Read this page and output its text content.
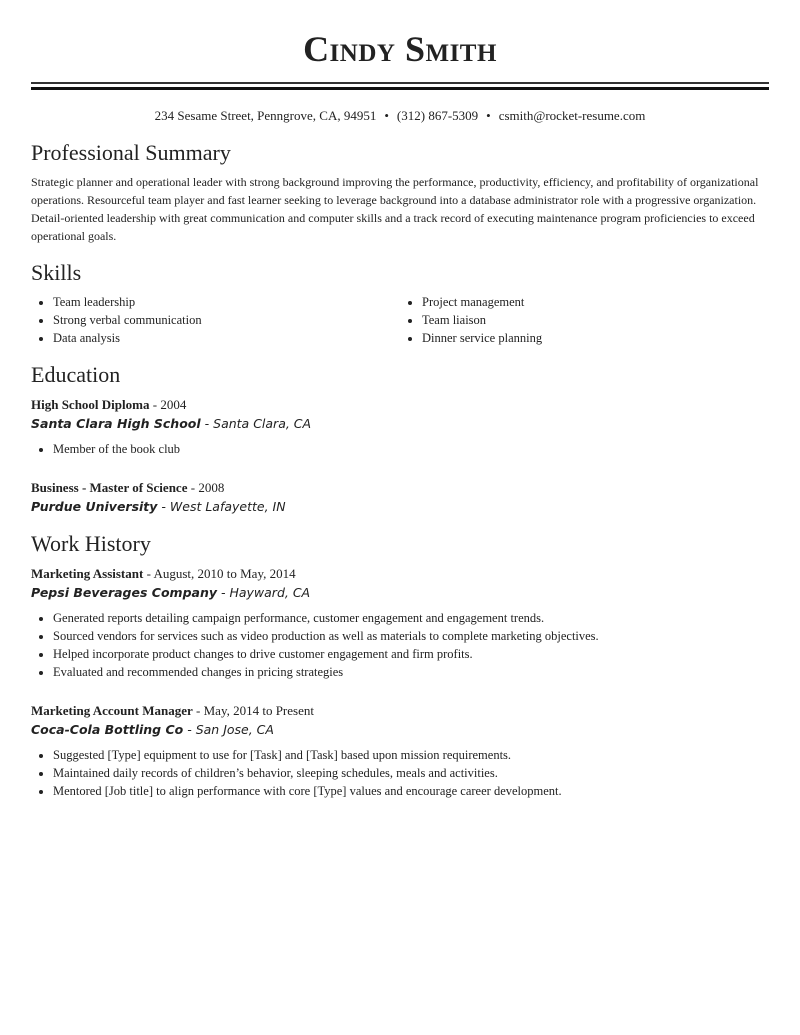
Cindy Smith
234 Sesame Street, Penngrove, CA, 94951 • (312) 867-5309 • csmith@rocket-resume.com
Professional Summary

Strategic planner and operational leader with strong background improving the performance, productivity, efficiency, and profitability of organizational operations. Resourceful team player and fast learner seeking to leverage background into a database administrator role with a progressive organization. Detail-oriented leadership with great communication and computer skills and a track record of executing maintenance program proficiencies to exceed operational goals.

Skills
• Team leadership
• Strong verbal communication
• Data analysis
• Project management
• Team liaison
• Dinner service planning
Education
High School Diploma - 2004
Santa Clara High School - Santa Clara, CA
• Member of the book club
Business - Master of Science - 2008
Purdue University - West Lafayette, IN
Work History
Marketing Assistant - August, 2010 to May, 2014
Pepsi Beverages Company - Hayward, CA
• Generated reports detailing campaign performance, customer engagement and engagement trends.
• Sourced vendors for services such as video production as well as materials to complete marketing objectives.
• Helped incorporate product changes to drive customer engagement and firm profits.
• Evaluated and recommended changes in pricing strategies
Marketing Account Manager - May, 2014 to Present
Coca-Cola Bottling Co - San Jose, CA
• Suggested [Type] equipment to use for [Task] and [Task] based upon mission requirements.
• Maintained daily records of children’s behavior, sleeping schedules, meals and activities.
• Mentored [Job title] to align performance with core [Type] values and encourage career development.
